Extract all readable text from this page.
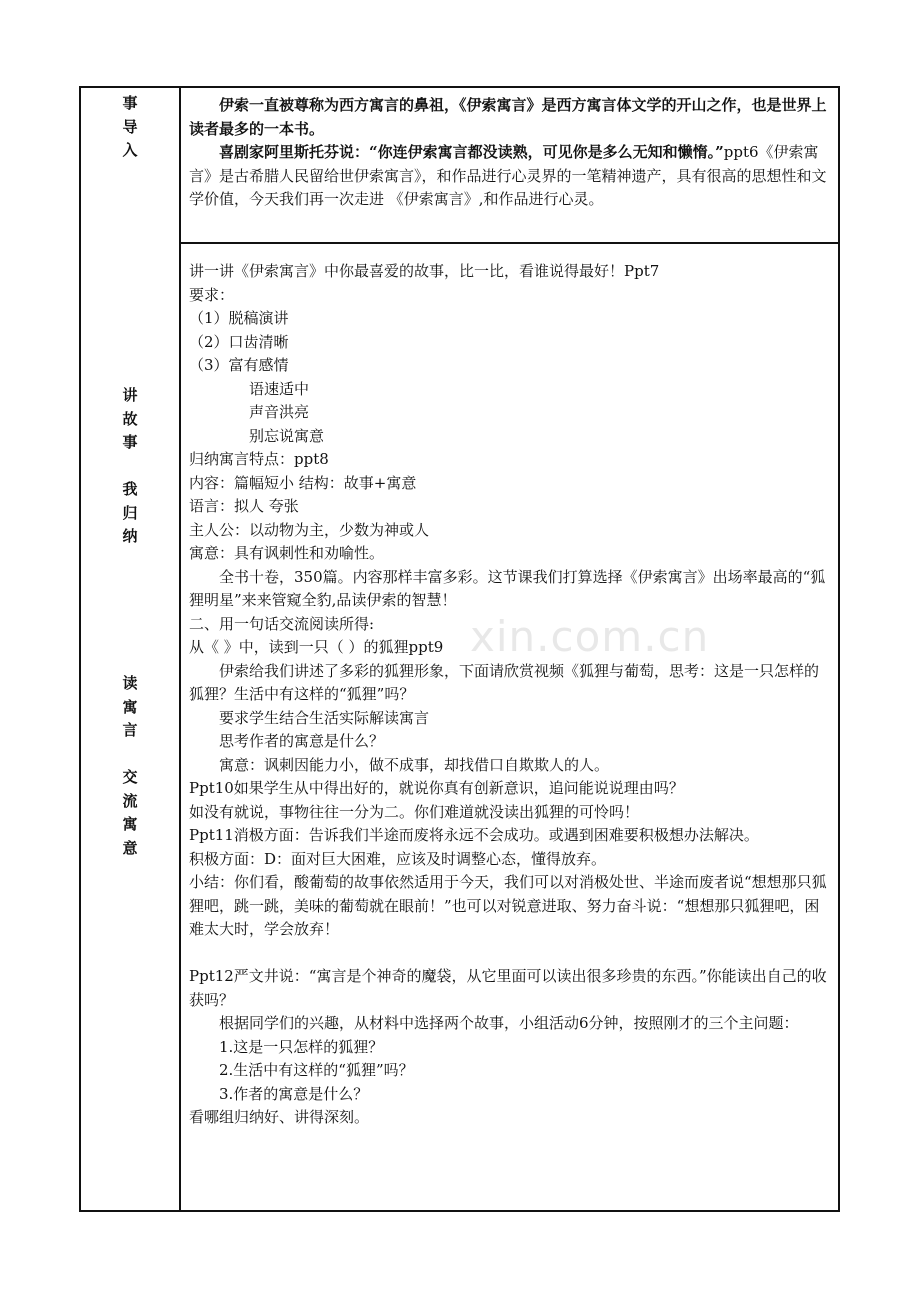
事
导
入
讲
故
事

我
归
纳
读
寓
言

交
流
寓
意

伊索一直被尊称为西方寓言的鼻祖，《伊索寓言》是西方寓言体文学的开山之作，也是世界上读者最多的一本书。

喜剧家阿里斯托芬说：“你连伊索寓言都没读熟，可见你是多么无知和懒惰。”ppt6《伊索寓言》是古希腊人民留给世伊索寓言》，和作品进行心灵界的一笔精神遗产，具有很高的思想性和文学价值，今天我们再一次走进 《伊索寓言》,和作品进行心灵。

讲一讲《伊索寓言》中你最喜爱的故事，比一比，看谁说得最好！Ppt7

要求：

（1）脱稿演讲

（2）口齿清晰

（3）富有感情

语速适中

声音洪亮

别忘说寓意

归纳寓言特点：ppt8

内容：篇幅短小 结构：故事+寓意

语言：拟人 夸张

主人公：以动物为主，少数为神或人

寓意：具有讽刺性和劝喻性。

全书十卷，350篇。内容那样丰富多彩。这节课我们打算选择《伊索寓言》出场率最高的“狐狸明星”来来管窥全豹,品读伊索的智慧！

二、用一句话交流阅读所得:

从《 》中，读到一只（ ）的狐狸ppt9

伊索给我们讲述了多彩的狐狸形象，下面请欣赏视频《狐狸与葡萄，思考：这是一只怎样的狐狸？生活中有这样的“狐狸”吗？

要求学生结合生活实际解读寓言

思考作者的寓意是什么？

寓意：讽刺因能力小，做不成事，却找借口自欺欺人的人。

Ppt10如果学生从中得出好的，就说你真有创新意识，追问能说说理由吗？

如没有就说，事物往往一分为二。你们难道就没读出狐狸的可怜吗！

Ppt11消极方面：告诉我们半途而废将永远不会成功。或遇到困难要积极想办法解决。

积极方面：D：面对巨大困难，应该及时调整心态，懂得放弃。

小结：你们看，酸葡萄的故事依然适用于今天，我们可以对消极处世、半途而废者说“想想那只狐狸吧，跳一跳，美味的葡萄就在眼前！”也可以对锐意进取、努力奋斗说：“想想那只狐狸吧，困难太大时，学会放弃！

Ppt12严文井说：“寓言是个神奇的魔袋，从它里面可以读出很多珍贵的东西。”你能读出自己的收获吗？

根据同学们的兴趣，从材料中选择两个故事，小组活动6分钟，按照刚才的三个主问题：

1.这是一只怎样的狐狸？

2.生活中有这样的“狐狸”吗？

3.作者的寓意是什么？

看哪组归纳好、讲得深刻。

xin.com.cn
